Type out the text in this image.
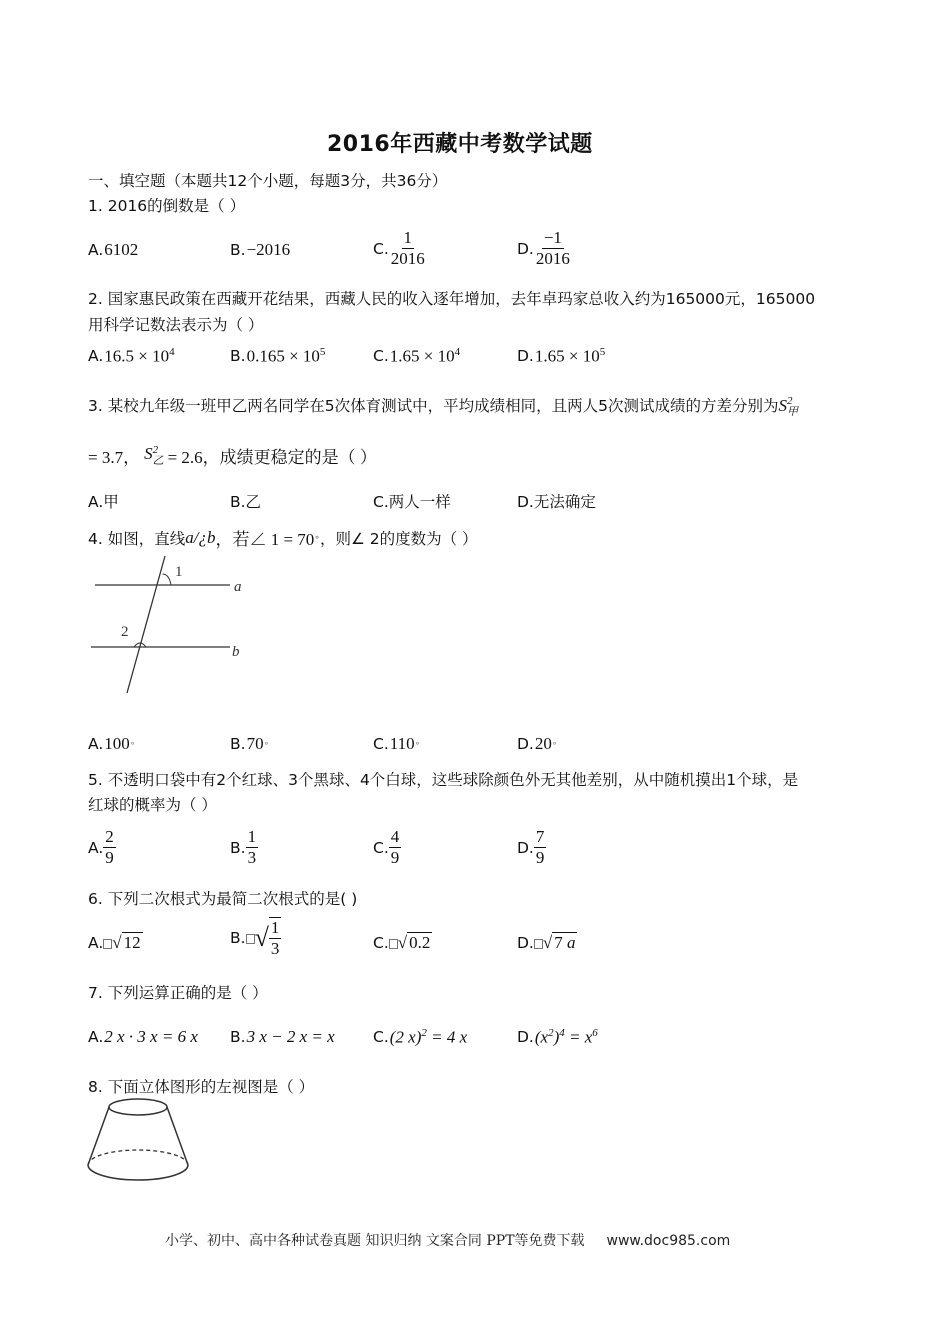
2016年西藏中考数学试题
一、填空题（本题共12个小题，每题3分，共36分）
1. 2016的倒数是（ ）
A. 6102	B. −2016	C. $\frac{1}{2016}$	D. $\frac{-1}{2016}$
2. 国家惠民政策在西藏开花结果，西藏人民的收入逐年增加，去年卓玛家总收入约为165000元，165000
用科学记数法表示为（ ）
A. $16.5 \times 10^4$	B. $0.165 \times 10^5$	C. $1.65 \times 10^4$	D. $1.65 \times 10^5$
3. 某校九年级一班甲乙两名同学在5次体育测试中，平均成绩相同，且两人5次测试成绩的方差分别为S 2
甲
= 3.7， S 2
乙 = 2.6，成绩更稳定的是（ ）
A.甲	B.乙	C.两人一样	D.无法确定
4. 如图，直线 a/¿b ，若∠ 1 = 70 ∘ ，则∠ 2的度数为（ ）
1
2
a
b
A. 100 ∘	B. 70 ∘	C. 110 ∘	D. 20 ∘
5. 不透明口袋中有2个红球、3个黑球、4个白球，这些球除颜色外无其他差别，从中随机摸出1个球，是
红球的概率为（ ）
A. $\frac{2}{9}$	B. $\frac{1}{3}$	C. $\frac{4}{9}$	D. $\frac{7}{9}$
6. 下列二次根式为最简二次根式的是( )
A. √ 12	B. √ $\frac{1}{3}$	C. √ 0.2	D. √ 7 a
7. 下列运算正确的是（ ）
A. 2 x · 3 x = 6 x B. 3 x − 2 x = x C. (2 x)$^2$ = 4 x	D. $(x^2)^4 = x^6$
8. 下面立体图形的左视图是（ ）
小学、初中、高中各种试卷真题 知识归纳 文案合同 PPT等免费下载 www.doc985.com
